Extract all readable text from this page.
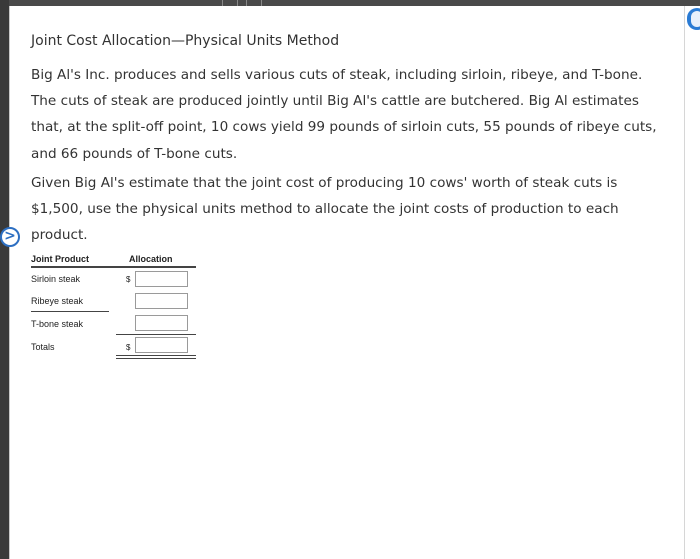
>
Joint Cost Allocation—Physical Units Method

Big Al's Inc. produces and sells various cuts of steak, including sirloin, ribeye, and T-bone. The cuts of steak are produced jointly until Big Al's cattle are butchered. Big Al estimates that, at the split-off point, 10 cows yield 99 pounds of sirloin cuts, 55 pounds of ribeye cuts, and 66 pounds of T-bone cuts.

Given Big Al's estimate that the joint cost of producing 10 cows' worth of steak cuts is $1,500, use the physical units method to allocate the joint costs of production to each product.

Joint Product	Allocation
Sirloin steak	$
Ribeye steak
T-bone steak
Totals	$
